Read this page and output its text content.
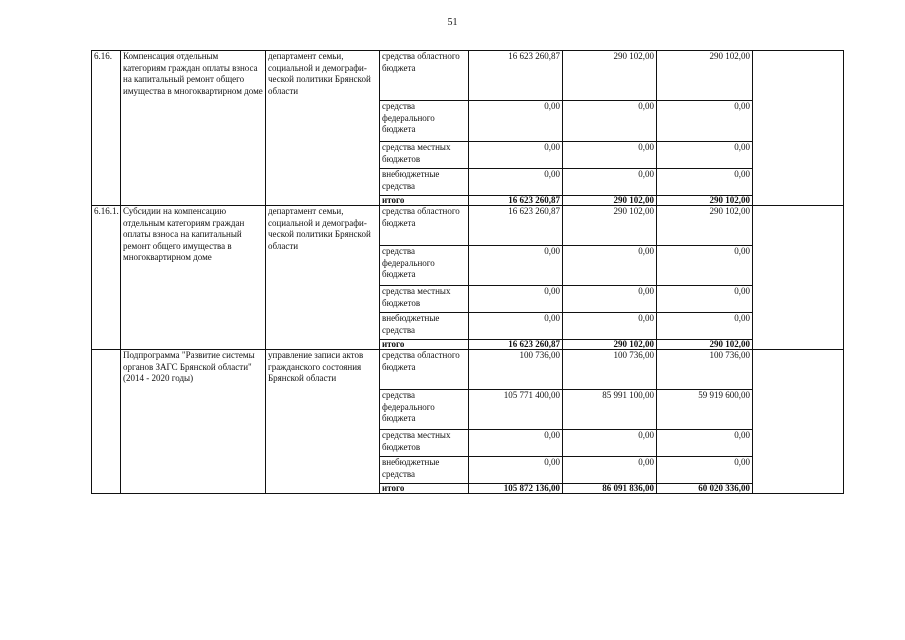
51
6.16.	Компенсация отдельным категориям граждан оплаты взноса на капитальный ремонт общего имущества в многоквартирном доме	департамент семьи, социальной и демографи-ческой политики Брянской области	средства областного бюджета	16 623 260,87	290 102,00	290 102,00	
			средства федерального бюджета	0,00	0,00	0,00	
			средства местных бюджетов	0,00	0,00	0,00	
			внебюджетные средства	0,00	0,00	0,00	
			итого	16 623 260,87	290 102,00	290 102,00	
6.16.1.	Субсидии на компенсацию отдельным категориям граждан оплаты взноса на капитальный ремонт общего имущества в многоквартирном доме	департамент семьи, социальной и демографи-ческой политики Брянской области	средства областного бюджета	16 623 260,87	290 102,00	290 102,00	
			средства федерального бюджета	0,00	0,00	0,00	
			средства местных бюджетов	0,00	0,00	0,00	
			внебюджетные средства	0,00	0,00	0,00	
			итого	16 623 260,87	290 102,00	290 102,00	
	Подпрограмма "Развитие системы органов ЗАГС Брянской области" (2014 - 2020 годы)	управление записи актов гражданского состояния Брянской области	средства областного бюджета	100 736,00	100 736,00	100 736,00	
			средства федерального бюджета	105 771 400,00	85 991 100,00	59 919 600,00	
			средства местных бюджетов	0,00	0,00	0,00	
			внебюджетные средства	0,00	0,00	0,00	
			итого	105 872 136,00	86 091 836,00	60 020 336,00	
